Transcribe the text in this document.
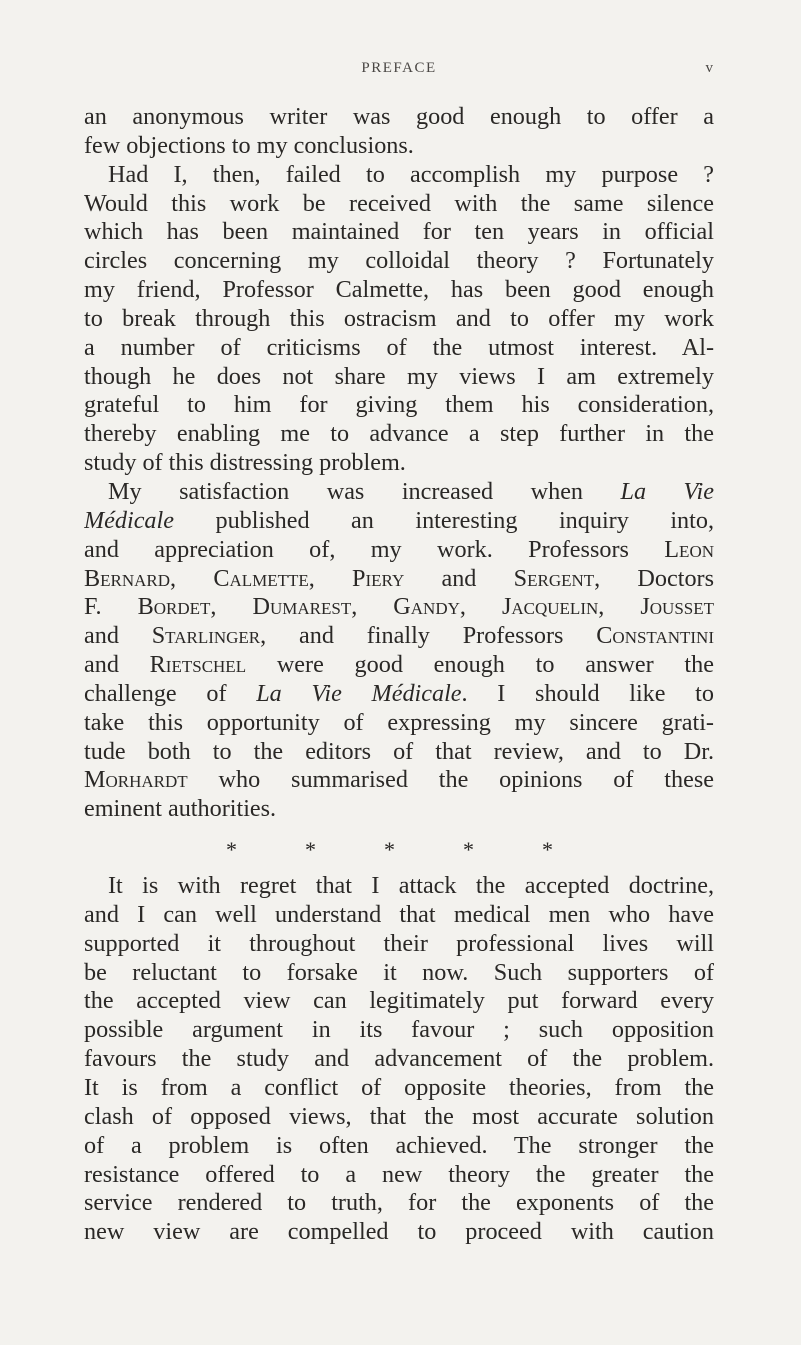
PREFACE	v
an anonymous writer was good enough to offer a
few objections to my conclusions.
Had I, then, failed to accomplish my purpose ?
Would this work be received with the same silence
which has been maintained for ten years in official
circles concerning my colloidal theory ? Fortunately
my friend, Professor Calmette, has been good enough
to break through this ostracism and to offer my work
a number of criticisms of the utmost interest. Al-
though he does not share my views I am extremely
grateful to him for giving them his consideration,
thereby enabling me to advance a step further in the
study of this distressing problem.
My satisfaction was increased when La Vie
Médicale published an interesting inquiry into,
and appreciation of, my work. Professors Leon
Bernard, Calmette, Piery and Sergent, Doctors
F. Bordet, Dumarest, Gandy, Jacquelin, Jousset
and Starlinger, and finally Professors Constantini
and Rietschel were good enough to answer the
challenge of La Vie Médicale. I should like to
take this opportunity of expressing my sincere grati-
tude both to the editors of that review, and to Dr.
Morhardt who summarised the opinions of these
eminent authorities.
*	*	*	*	*
It is with regret that I attack the accepted doctrine,
and I can well understand that medical men who have
supported it throughout their professional lives will
be reluctant to forsake it now. Such supporters of
the accepted view can legitimately put forward every
possible argument in its favour ; such opposition
favours the study and advancement of the problem.
It is from a conflict of opposite theories, from the
clash of opposed views, that the most accurate solution
of a problem is often achieved. The stronger the
resistance offered to a new theory the greater the
service rendered to truth, for the exponents of the
new view are compelled to proceed with caution
